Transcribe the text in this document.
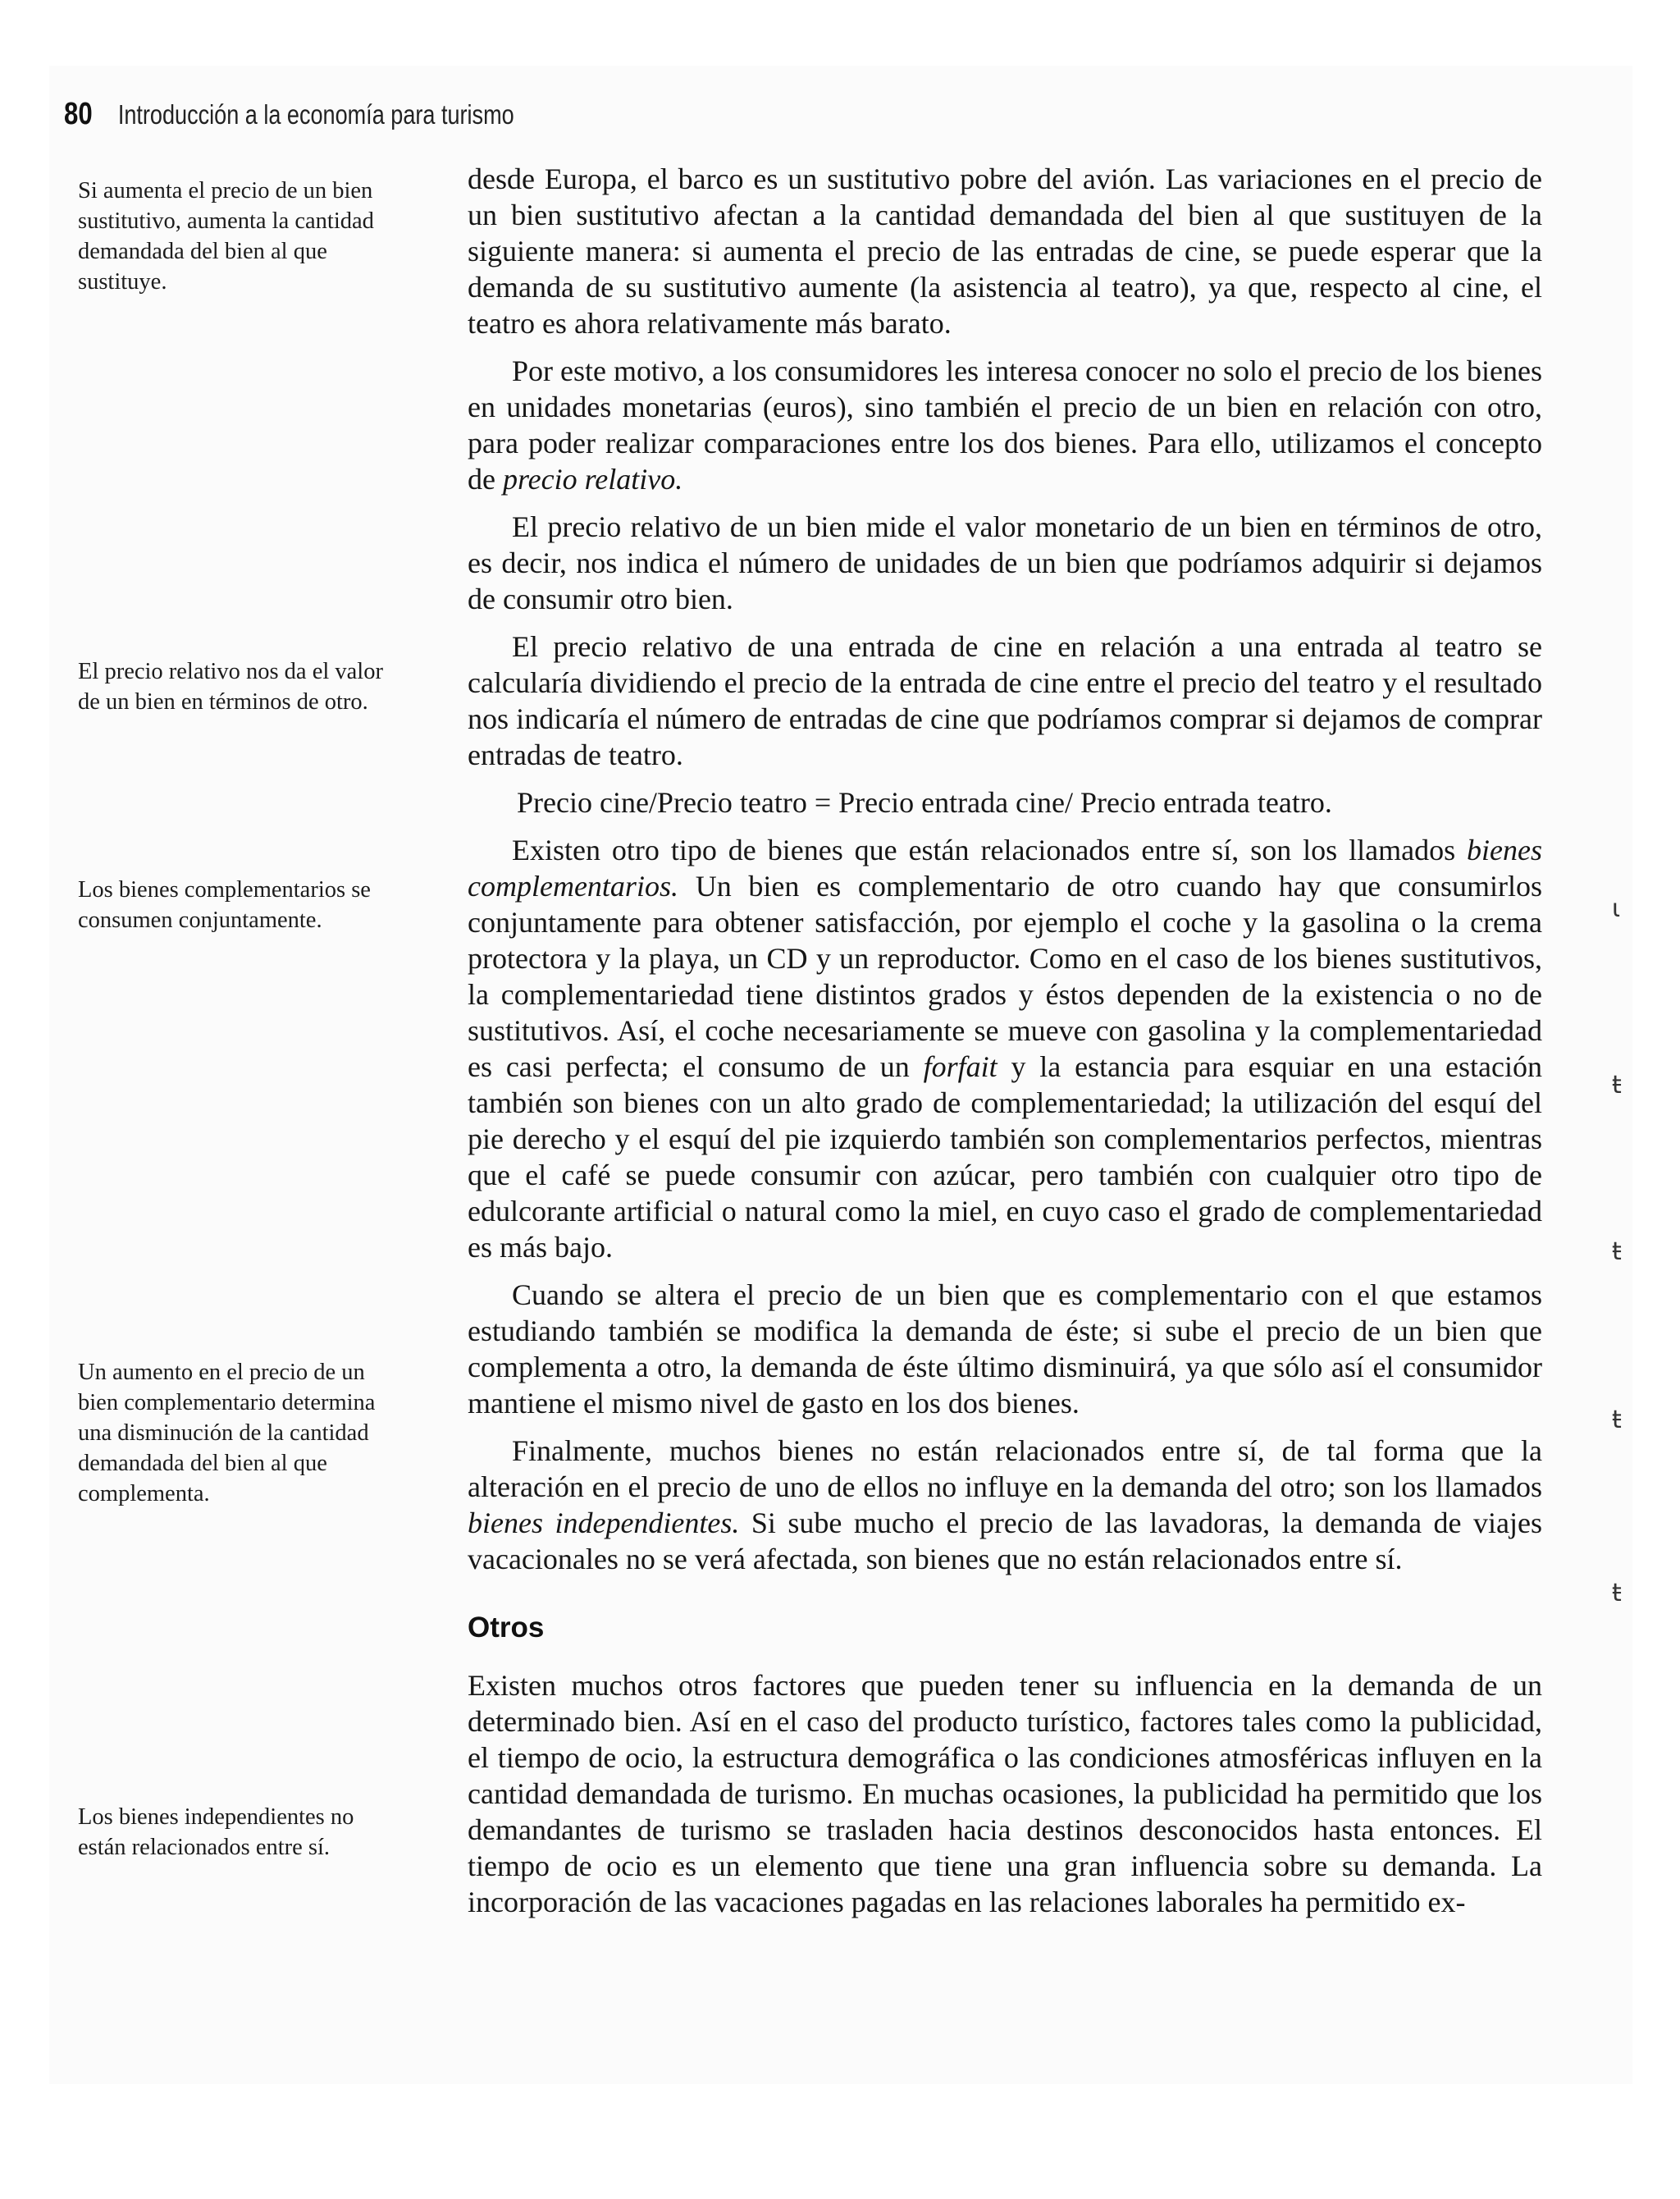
80 Introducción a la economía para turismo
Si aumenta el precio de un bien sustitutivo, aumenta la cantidad demandada del bien al que sustituye.
El precio relativo nos da el valor de un bien en términos de otro.
Los bienes complementarios se consumen conjuntamente.
Un aumento en el precio de un bien complementario determina una disminución de la cantidad demandada del bien al que complementa.
Los bienes independientes no están relacionados entre sí.

desde Europa, el barco es un sustitutivo pobre del avión. Las variaciones en el precio de un bien sustitutivo afectan a la cantidad demandada del bien al que sustituyen de la siguiente manera: si aumenta el precio de las entradas de cine, se puede esperar que la demanda de su sustitutivo aumente (la asistencia al teatro), ya que, respecto al cine, el teatro es ahora relativamente más barato.

Por este motivo, a los consumidores les interesa conocer no solo el precio de los bienes en unidades monetarias (euros), sino también el precio de un bien en relación con otro, para poder realizar comparaciones entre los dos bienes. Para ello, utilizamos el concepto de precio relativo.

El precio relativo de un bien mide el valor monetario de un bien en términos de otro, es decir, nos indica el número de unidades de un bien que podríamos adquirir si dejamos de consumir otro bien.

El precio relativo de una entrada de cine en relación a una entrada al teatro se calcularía dividiendo el precio de la entrada de cine entre el precio del teatro y el resultado nos indicaría el número de entradas de cine que podríamos comprar si dejamos de comprar entradas de teatro.

Precio cine/Precio teatro = Precio entrada cine/ Precio entrada teatro.

Existen otro tipo de bienes que están relacionados entre sí, son los llamados bienes complementarios. Un bien es complementario de otro cuando hay que consumirlos conjuntamente para obtener satisfacción, por ejemplo el coche y la gasolina o la crema protectora y la playa, un CD y un reproductor. Como en el caso de los bienes sustitutivos, la complementariedad tiene distintos grados y éstos dependen de la existencia o no de sustitutivos. Así, el coche necesariamente se mueve con gasolina y la complementariedad es casi perfecta; el consumo de un forfait y la estancia para esquiar en una estación también son bienes con un alto grado de complementariedad; la utilización del esquí del pie derecho y el esquí del pie izquierdo también son complementarios perfectos, mientras que el café se puede consumir con azúcar, pero también con cualquier otro tipo de edulcorante artificial o natural como la miel, en cuyo caso el grado de complementariedad es más bajo.

Cuando se altera el precio de un bien que es complementario con el que estamos estudiando también se modifica la demanda de éste; si sube el precio de un bien que complementa a otro, la demanda de éste último disminuirá, ya que sólo así el consumidor mantiene el mismo nivel de gasto en los dos bienes.

Finalmente, muchos bienes no están relacionados entre sí, de tal forma que la alteración en el precio de uno de ellos no influye en la demanda del otro; son los llamados bienes independientes. Si sube mucho el precio de las lavadoras, la demanda de viajes vacacionales no se verá afectada, son bienes que no están relacionados entre sí.

Otros

Existen muchos otros factores que pueden tener su influencia en la demanda de un determinado bien. Así en el caso del producto turístico, factores tales como la publicidad, el tiempo de ocio, la estructura demográfica o las condiciones atmosféricas influyen en la cantidad demandada de turismo. En muchas ocasiones, la publicidad ha permitido que los demandantes de turismo se trasladen hacia destinos desconocidos hasta entonces. El tiempo de ocio es un elemento que tiene una gran influencia sobre su demanda. La incorporación de las vacaciones pagadas en las relaciones laborales ha permitido ex-

ɩ
ŧ
ŧ
ŧ
ŧ
